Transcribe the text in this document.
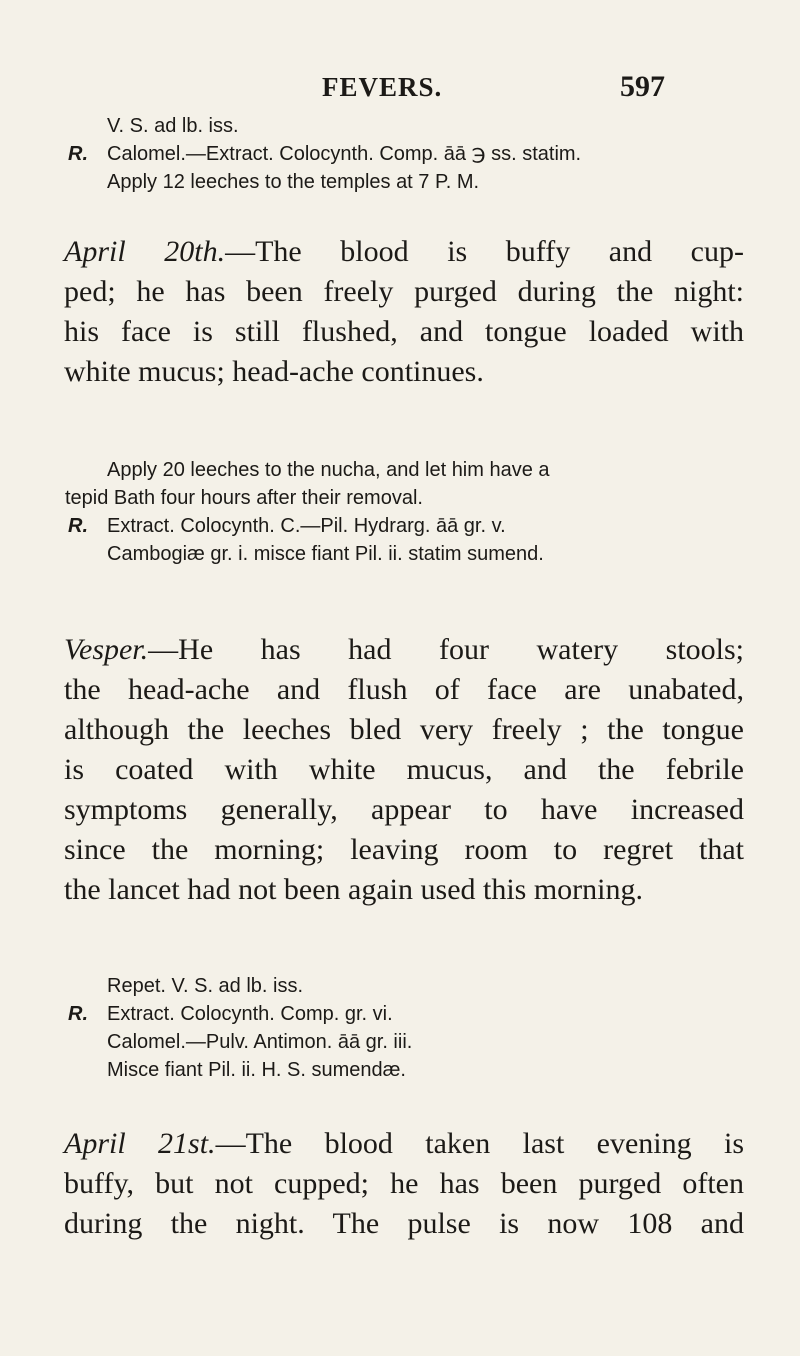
FEVERS.	597
V. S. ad lb. iss.
R. Calomel.—Extract. Colocynth. Comp. āā ℈ ss. statim.
Apply 12 leeches to the temples at 7 P. M.
April 20th.—The blood is buffy and cup-
ped; he has been freely purged during the night:
his face is still flushed, and tongue loaded with
white mucus; head-ache continues.
Apply 20 leeches to the nucha, and let him have a
tepid Bath four hours after their removal.
R. Extract. Colocynth. C.—Pil. Hydrarg. āā gr. v.
Cambogiæ gr. i. misce fiant Pil. ii. statim sumend.
Vesper.—He has had four watery stools;
the head-ache and flush of face are unabated,
although the leeches bled very freely ; the tongue
is coated with white mucus, and the febrile
symptoms generally, appear to have increased
since the morning; leaving room to regret that
the lancet had not been again used this morning.
Repet. V. S. ad lb. iss.
R. Extract. Colocynth. Comp. gr. vi.
Calomel.—Pulv. Antimon. āā gr. iii.
Misce fiant Pil. ii. H. S. sumendæ.
April 21st.—The blood taken last evening is
buffy, but not cupped; he has been purged often
during the night. The pulse is now 108 and
